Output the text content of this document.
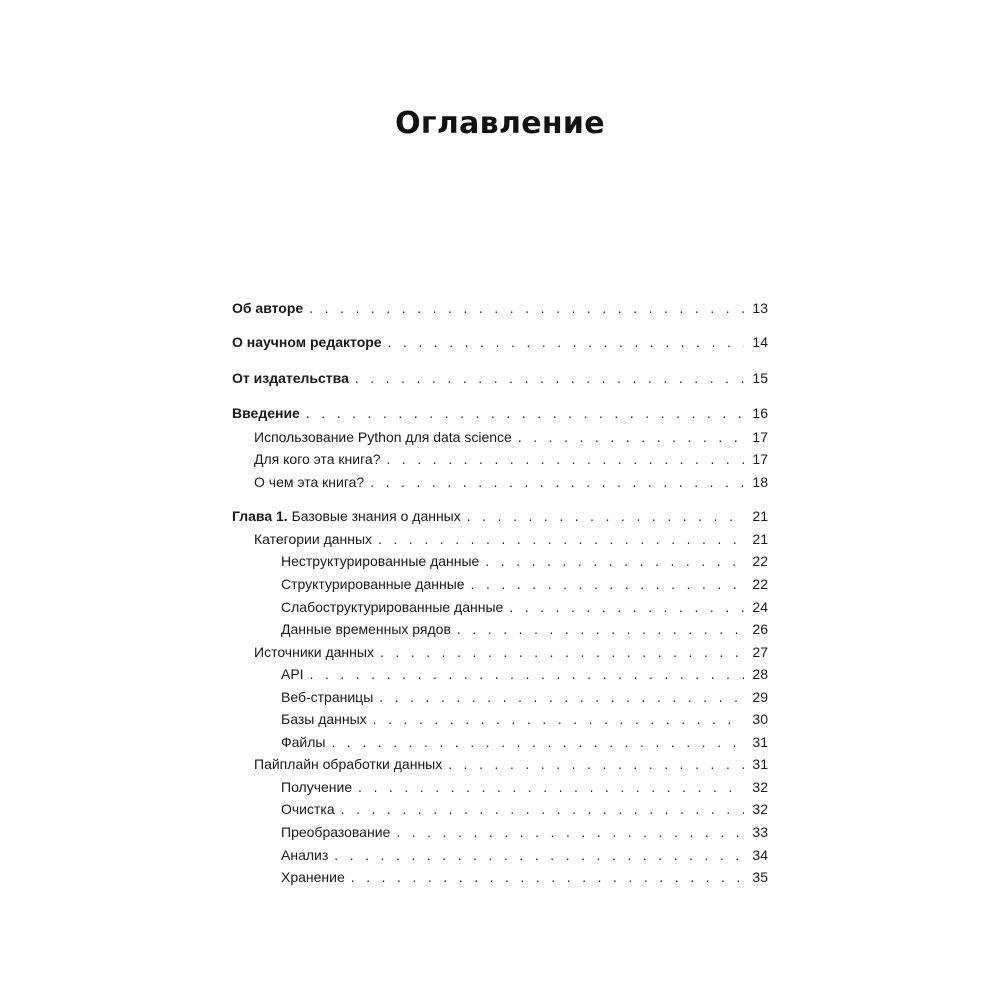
Оглавление
Об авторе . . .	13
О научном редакторе . . .	14
От издательства . . .	15
Введение . . .	16
Использование Python для data science . . .	17
Для кого эта книга? . . .	17
О чем эта книга? . . .	18
Глава 1. Базовые знания о данных . . .	21
Категории данных . . .	21
Неструктурированные данные . . .	22
Структурированные данные . . .	22
Слабоструктурированные данные . . .	24
Данные временных рядов . . .	26
Источники данных . . .	27
API . . .	28
Веб-страницы . . .	29
Базы данных . . .	30
Файлы . . .	31
Пайплайн обработки данных . . .	31
Получение . . .	32
Очистка . . .	32
Преобразование . . .	33
Анализ . . .	34
Хранение . . .	35
